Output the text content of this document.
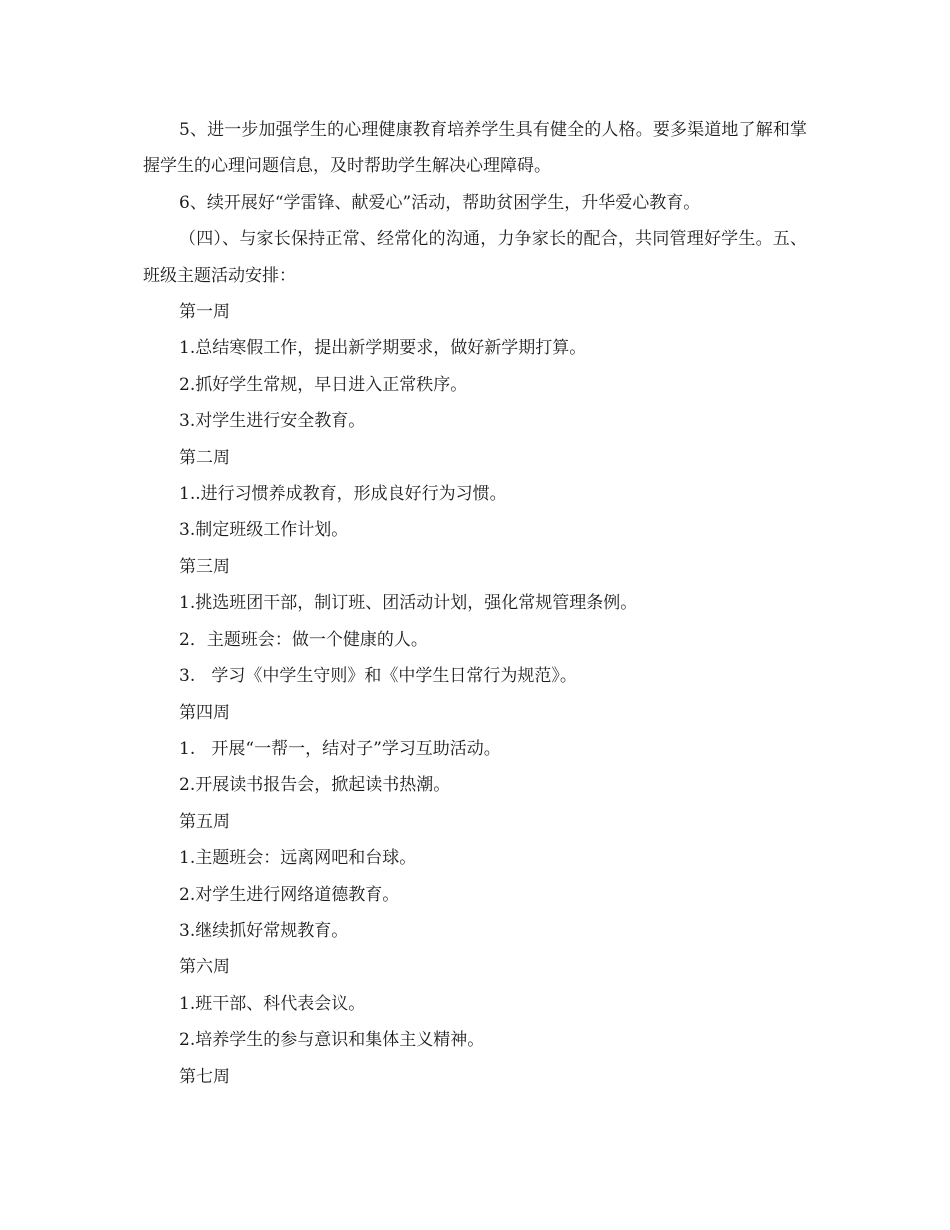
5、进一步加强学生的心理健康教育培养学生具有健全的人格。要多渠道地了解和掌握学生的心理问题信息，及时帮助学生解决心理障碍。

6、续开展好“学雷锋、献爱心”活动，帮助贫困学生，升华爱心教育。

（四）、与家长保持正常、经常化的沟通，力争家长的配合，共同管理好学生。五、班级主题活动安排：

第一周

1.总结寒假工作，提出新学期要求，做好新学期打算。

2.抓好学生常规，早日进入正常秩序。

3.对学生进行安全教育。

第二周

1..进行习惯养成教育，形成良好行为习惯。

3.制定班级工作计划。

第三周

1.挑选班团干部，制订班、团活动计划，强化常规管理条例。

2．主题班会：做一个健康的人。

3.   学习《中学生守则》和《中学生日常行为规范》。

第四周

1.   开展“一帮一，结对子”学习互助活动。

2.开展读书报告会，掀起读书热潮。

第五周

1.主题班会：远离网吧和台球。

2.对学生进行网络道德教育。

3.继续抓好常规教育。

第六周

1.班干部、科代表会议。

2.培养学生的参与意识和集体主义精神。

第七周
